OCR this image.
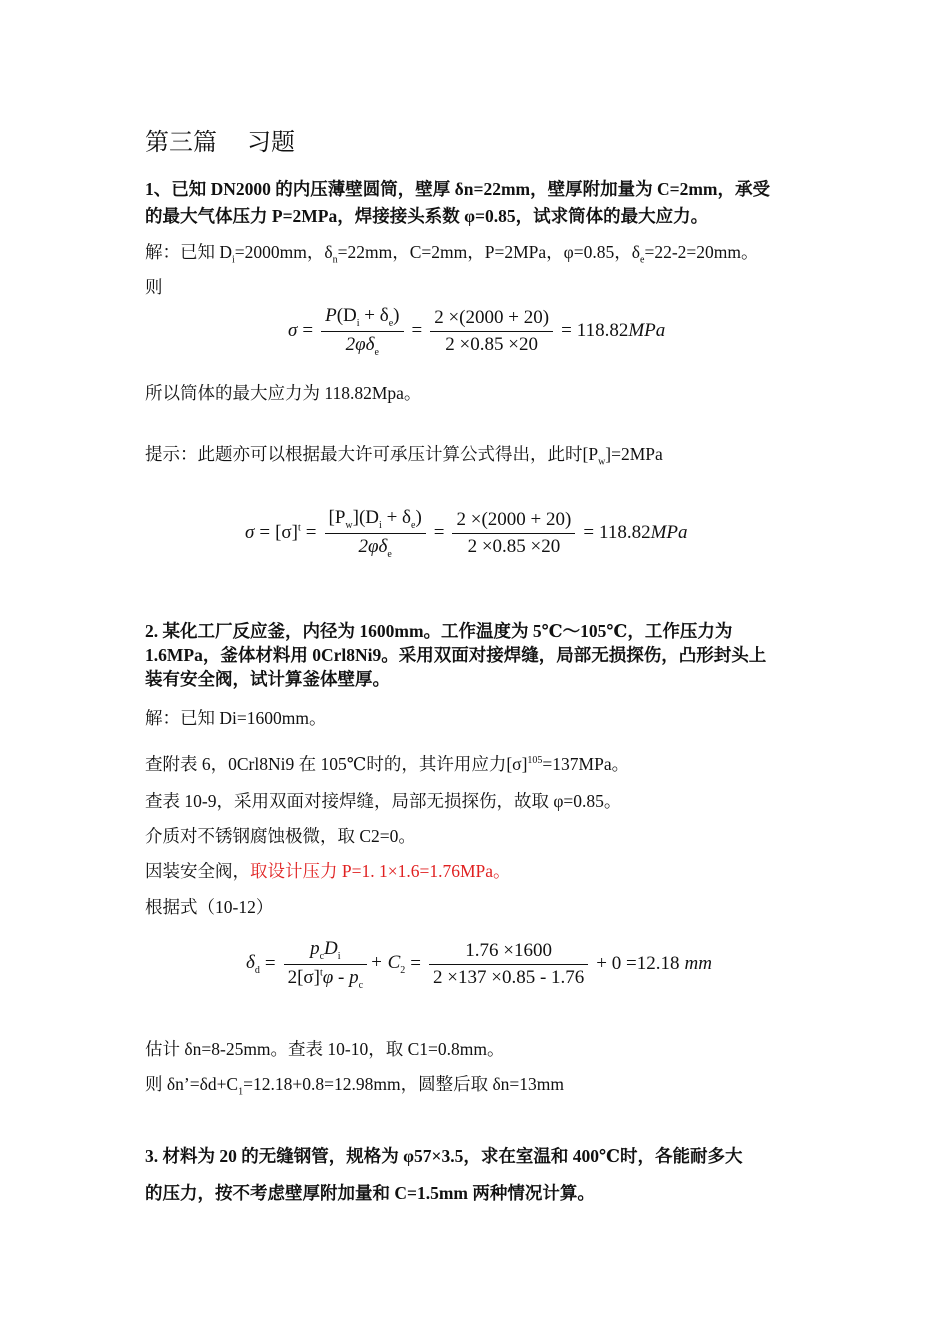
第三篇　 习题
1、已知 DN2000 的内压薄壁圆筒，壁厚 δn=22mm，壁厚附加量为 C=2mm，承受
的最大气体压力 P=2MPa，焊接接头系数 φ=0.85，试求筒体的最大应力。
解：已知 $D_i=2000mm$，$\delta_n=22mm$，C=2mm，P=2MPa，φ=0.85，$\delta_e=22-2=20mm$。
则
$\sigma = \frac{P(D_i + \delta_e)}{2\varphi\delta_e} = \frac{2 \times(2000 + 20)}{2 \times 0.85 \times 20} = 118.82$ MPa
所以筒体的最大应力为 118.82Mpa。
提示：此题亦可以根据最大许可承压计算公式得出，此时$[P_w]=2MPa$
$\sigma = [\sigma]^t = \frac{[P_w](D_i + \delta_e)}{2\varphi\delta_e} = \frac{2 \times(2000 + 20)}{2 \times 0.85 \times 20} = 118.82$ MPa
2. 某化工厂反应釜，内径为 1600mm。工作温度为 5℃～105℃，工作压力为
1.6MPa，釜体材料用 0Crl8Ni9。采用双面对接焊缝，局部无损探伤，凸形封头上
装有安全阀，试计算釜体壁厚。
解：已知 Di=1600mm。
查附表 6，0Crl8Ni9 在 105℃时的，其许用应力$[\sigma]^{105}=137MPa$。
查表 10-9，采用双面对接焊缝，局部无损探伤，故取 φ=0.85。
介质对不锈钢腐蚀极微，取 C2=0。
因装安全阀，取设计压力 P=1. 1×1.6=1.76MPa。
根据式（10-12）
$\delta_d = \frac{p_cD_i}{2[\sigma]^t\varphi - p_c} + C_2 = \frac{1.76 \times 1600}{2 \times 137 \times 0.85 - 1.76} + 0 =12.18$ mm
估计 δn=8-25mm。查表 10-10，取 C1=0.8mm。
则 $\delta n’=\delta d+C_1=12.18+0.8=12.98mm$，圆整后取 δn=13mm
3. 材料为 20 的无缝钢管，规格为 φ57×3.5，求在室温和 400℃时，各能耐多大
的压力，按不考虑壁厚附加量和 C=1.5mm 两种情况计算。
